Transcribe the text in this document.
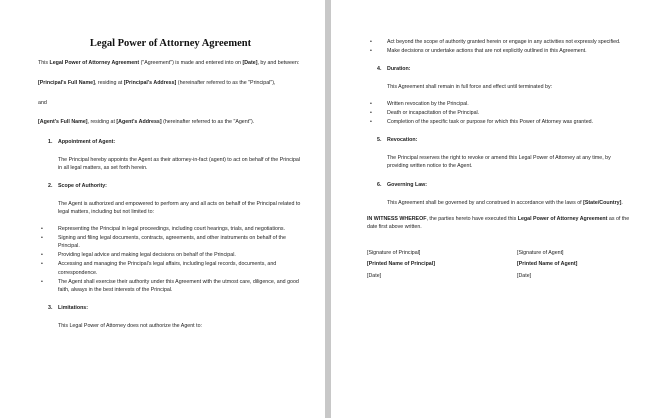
Legal Power of Attorney Agreement
This Legal Power of Attorney Agreement ("Agreement") is made and entered into on [Date], by and between:
[Principal's Full Name], residing at [Principal's Address] (hereinafter referred to as the "Principal"),
and
[Agent's Full Name], residing at [Agent's Address] (hereinafter referred to as the "Agent").
1. Appointment of Agent:
The Principal hereby appoints the Agent as their attorney-in-fact (agent) to act on behalf of the Principal in all legal matters, as set forth herein.
2. Scope of Authority:
The Agent is authorized and empowered to perform any and all acts on behalf of the Principal related to legal matters, including but not limited to:
• Representing the Principal in legal proceedings, including court hearings, trials, and negotiations.
• Signing and filing legal documents, contracts, agreements, and other instruments on behalf of the Principal.
• Providing legal advice and making legal decisions on behalf of the Principal.
• Accessing and managing the Principal's legal affairs, including legal records, documents, and correspondence.
• The Agent shall exercise their authority under this Agreement with the utmost care, diligence, and good faith, always in the best interests of the Principal.
3. Limitations:
This Legal Power of Attorney does not authorize the Agent to:
• Act beyond the scope of authority granted herein or engage in any activities not expressly specified.
• Make decisions or undertake actions that are not explicitly outlined in this Agreement.
4. Duration:
This Agreement shall remain in full force and effect until terminated by:
• Written revocation by the Principal.
• Death or incapacitation of the Principal.
• Completion of the specific task or purpose for which this Power of Attorney was granted.
5. Revocation:
The Principal reserves the right to revoke or amend this Legal Power of Attorney at any time, by providing written notice to the Agent.
6. Governing Law:
This Agreement shall be governed by and construed in accordance with the laws of [State/Country].
IN WITNESS WHEREOF, the parties hereto have executed this Legal Power of Attorney Agreement as of the date first above written.
[Signature of Principal]	[Signature of Agent]
[Printed Name of Principal]	[Printed Name of Agent]
[Date]	[Date]
